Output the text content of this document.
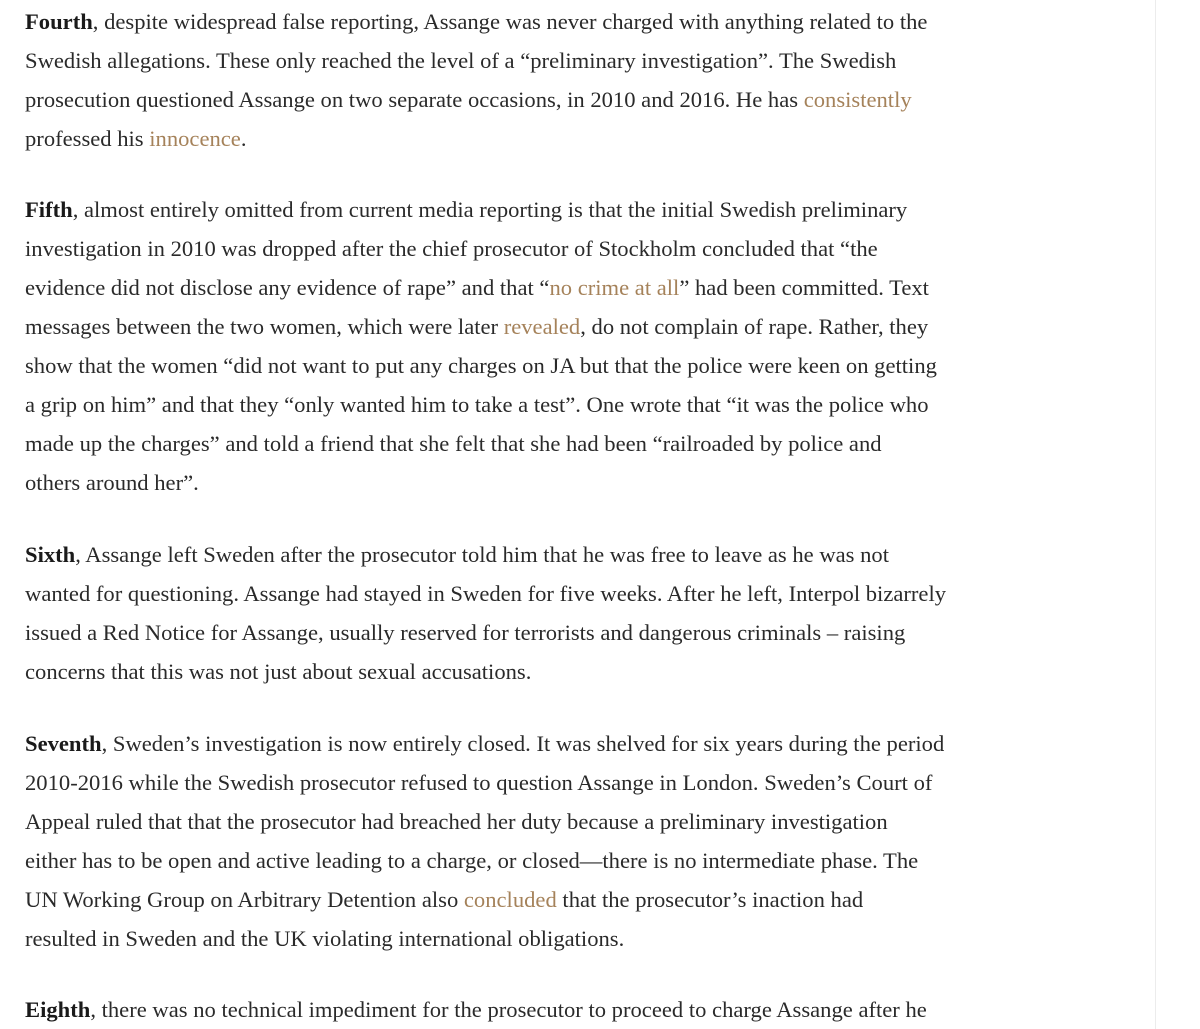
Fourth, despite widespread false reporting, Assange was never charged with anything related to the
Swedish allegations. These only reached the level of a “preliminary investigation”. The Swedish
prosecution questioned Assange on two separate occasions, in 2010 and 2016. He has consistently
professed his innocence.

Fifth, almost entirely omitted from current media reporting is that the initial Swedish preliminary
investigation in 2010 was dropped after the chief prosecutor of Stockholm concluded that “the
evidence did not disclose any evidence of rape” and that “no crime at all” had been committed. Text
messages between the two women, which were later revealed, do not complain of rape. Rather, they
show that the women “did not want to put any charges on JA but that the police were keen on getting
a grip on him” and that they “only wanted him to take a test”. One wrote that “it was the police who
made up the charges” and told a friend that she felt that she had been “railroaded by police and
others around her”.

Sixth, Assange left Sweden after the prosecutor told him that he was free to leave as he was not
wanted for questioning. Assange had stayed in Sweden for five weeks. After he left, Interpol bizarrely
issued a Red Notice for Assange, usually reserved for terrorists and dangerous criminals – raising
concerns that this was not just about sexual accusations.

Seventh, Sweden’s investigation is now entirely closed. It was shelved for six years during the period
2010-2016 while the Swedish prosecutor refused to question Assange in London. Sweden’s Court of
Appeal ruled that that the prosecutor had breached her duty because a preliminary investigation
either has to be open and active leading to a charge, or closed—there is no intermediate phase. The
UN Working Group on Arbitrary Detention also concluded that the prosecutor’s inaction had
resulted in Sweden and the UK violating international obligations.

Eighth, there was no technical impediment for the prosecutor to proceed to charge Assange after he
